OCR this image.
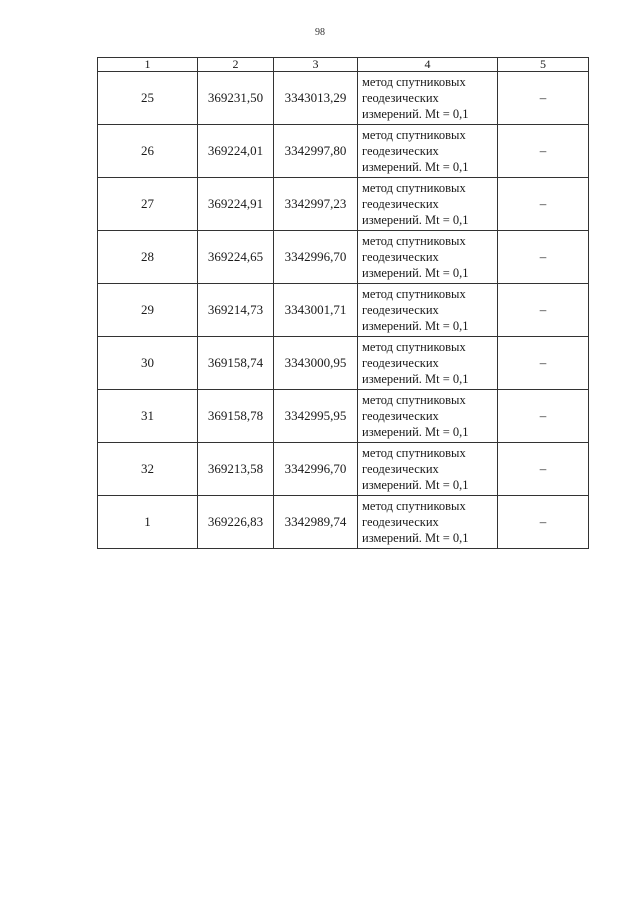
98
1	2	3	4	5
25	369231,50	3343013,29	метод спутниковых
геодезических
измерений. Mt = 0,1	–
26	369224,01	3342997,80	метод спутниковых
геодезических
измерений. Mt = 0,1	–
27	369224,91	3342997,23	метод спутниковых
геодезических
измерений. Mt = 0,1	–
28	369224,65	3342996,70	метод спутниковых
геодезических
измерений. Mt = 0,1	–
29	369214,73	3343001,71	метод спутниковых
геодезических
измерений. Mt = 0,1	–
30	369158,74	3343000,95	метод спутниковых
геодезических
измерений. Mt = 0,1	–
31	369158,78	3342995,95	метод спутниковых
геодезических
измерений. Mt = 0,1	–
32	369213,58	3342996,70	метод спутниковых
геодезических
измерений. Mt = 0,1	–
1	369226,83	3342989,74	метод спутниковых
геодезических
измерений. Mt = 0,1	–
